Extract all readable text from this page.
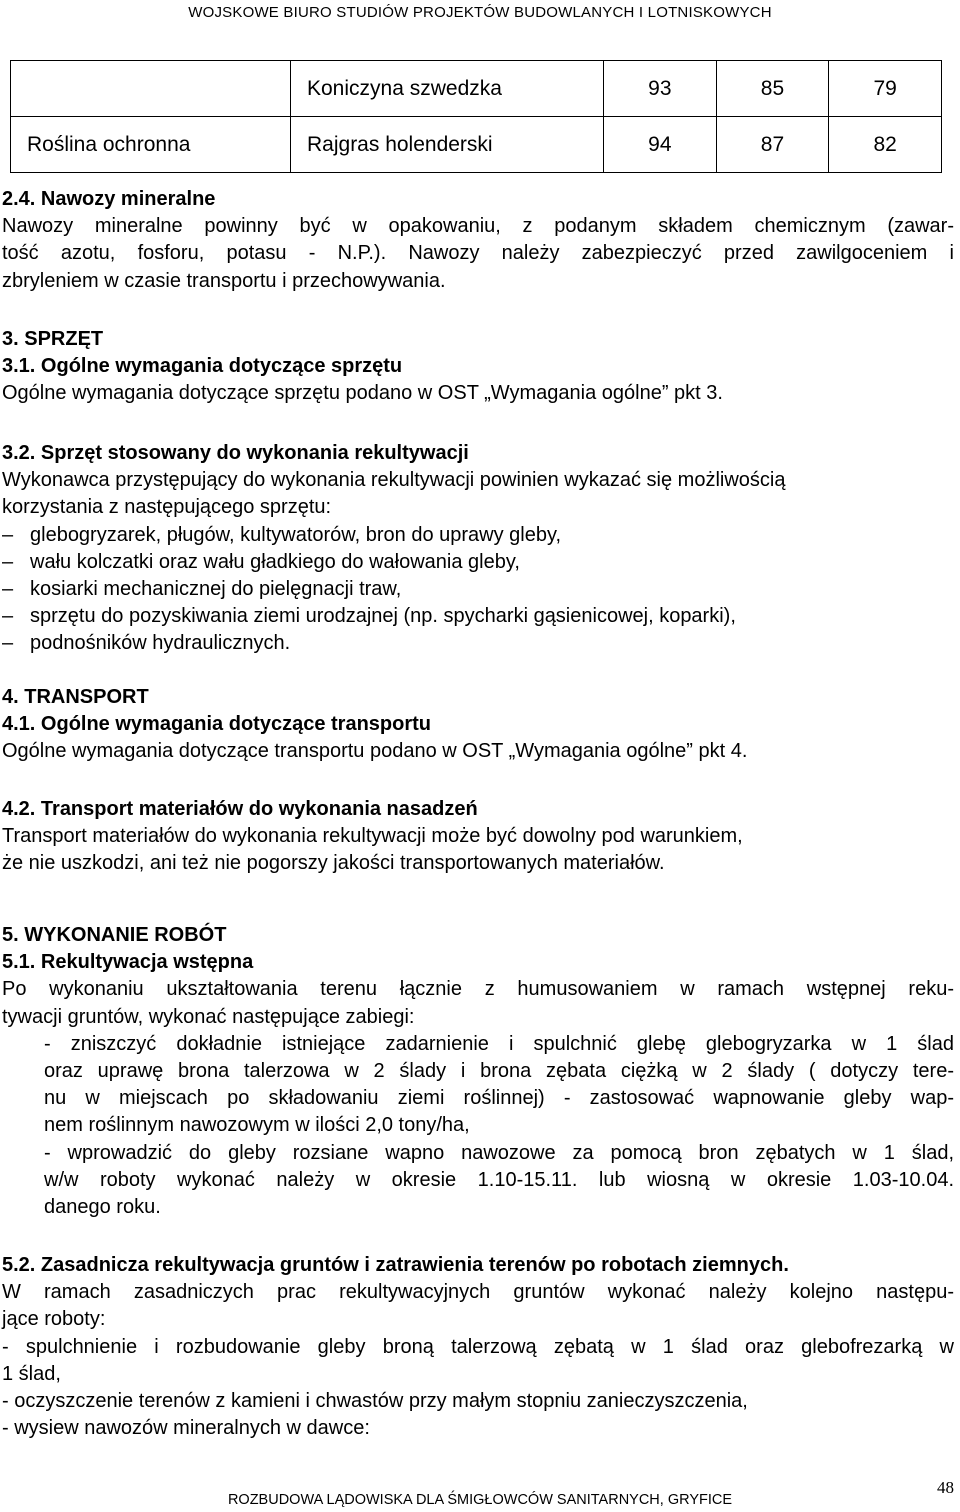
WOJSKOWE BIURO STUDIÓW PROJEKTÓW BUDOWLANYCH I LOTNISKOWYCH
	Koniczyna szwedzka	93	85	79
Roślina ochronna	Rajgras holenderski	94	87	82
2.4. Nawozy mineralne
Nawozy mineralne powinny być w opakowaniu, z podanym składem chemicznym (zawar-
tość azotu, fosforu, potasu - N.P.). Nawozy należy zabezpieczyć przed zawilgoceniem i
zbryleniem w czasie transportu i przechowywania.
3. SPRZĘT
3.1. Ogólne wymagania dotyczące sprzętu
Ogólne wymagania dotyczące sprzętu podano w OST „Wymagania ogólne” pkt 3.
3.2. Sprzęt stosowany do wykonania rekultywacji
Wykonawca przystępujący do wykonania rekultywacji powinien wykazać się możliwością
korzystania z następującego sprzętu:
– glebogryzarek, pługów, kultywatorów, bron do uprawy gleby,
– wału kolczatki oraz wału gładkiego do wałowania gleby,
– kosiarki mechanicznej do pielęgnacji traw,
– sprzętu do pozyskiwania ziemi urodzajnej (np. spycharki gąsienicowej, koparki),
– podnośników hydraulicznych.
4. TRANSPORT
4.1. Ogólne wymagania dotyczące transportu
Ogólne wymagania dotyczące transportu podano w OST „Wymagania ogólne” pkt 4.
4.2. Transport materiałów do wykonania nasadzeń
Transport materiałów do wykonania rekultywacji może być dowolny pod warunkiem,
że nie uszkodzi, ani też nie pogorszy jakości transportowanych materiałów.
5. WYKONANIE ROBÓT
5.1. Rekultywacja wstępna
Po wykonaniu ukształtowania terenu łącznie z humusowaniem w ramach wstępnej reku-
tywacji gruntów, wykonać następujące zabiegi:
- zniszczyć dokładnie istniejące zadarnienie i spulchnić glebę glebogryzarka w 1 ślad
oraz uprawę brona talerzowa w 2 ślady i brona zębata ciężką w 2 ślady ( dotyczy tere-
nu w miejscach po składowaniu ziemi roślinnej) - zastosować wapnowanie gleby wap-
nem roślinnym nawozowym w ilości 2,0 tony/ha,
- wprowadzić do gleby rozsiane wapno nawozowe za pomocą bron zębatych w 1 ślad,
w/w roboty wykonać należy w okresie 1.10-15.11. lub wiosną w okresie 1.03-10.04.
danego roku.
5.2. Zasadnicza rekultywacja gruntów i zatrawienia terenów po robotach ziemnych.
W ramach zasadniczych prac rekultywacyjnych gruntów wykonać należy kolejno następu-
jące roboty:
- spulchnienie i rozbudowanie gleby broną talerzową zębatą w 1 ślad oraz glebofrezarką w
1 ślad,
- oczyszczenie terenów z kamieni i chwastów przy małym stopniu zanieczyszczenia,
- wysiew nawozów mineralnych w dawce:
48
ROZBUDOWA LĄDOWISKA DLA ŚMIGŁOWCÓW SANITARNYCH, GRYFICE
